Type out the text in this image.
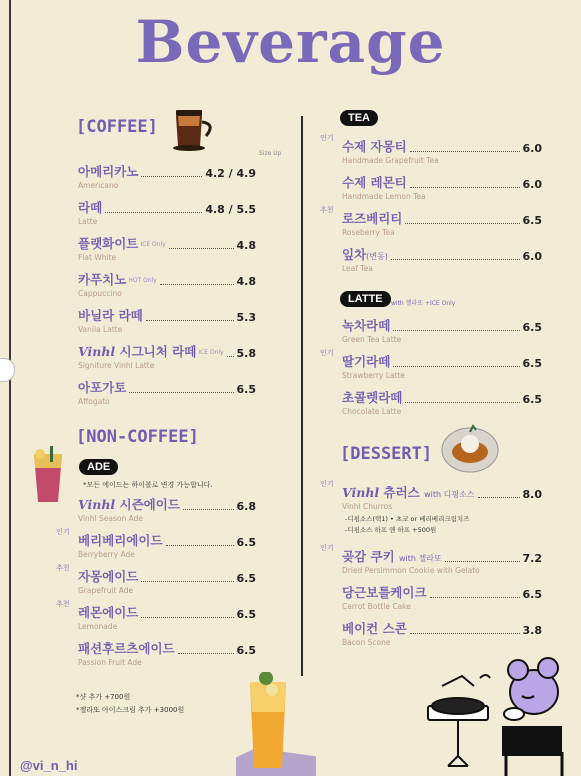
Beverage
[COFFEE]
Size Up
아메리카노	4.2 / 4.9
Americano
라떼	4.8 / 5.5
Latte
플랫화이트 ICE Only	4.8
Flat White
카푸치노 HOT Only	4.8
Cappuccino
바닐라 라떼	5.3
Vanila Latte
Vinhl 시그니처 라떼 ICE Only 5.8
Signiture Vinhl Latte
아포가토	6.5
Affogato
[NON-COFFEE]
ADE
*모든 에이드는 하이볼로 변경 가능합니다.
Vinhl 시즌에이드	6.8
Vinhl Season Ade
인기
베리베리에이드	6.5
Berryberry Ade
추천
자몽에이드	6.5
Grapefruit Ade
추천
레몬에이드	6.5
Lemonade
패션후르츠에이드	6.5
Passion Fruit Ade
*샷 추가 +700원
*젤라또 아이스크림 추가 +3000원
TEA
인기
수제 자몽티	6.0
Handmade Grapefruit Tea
수제 레몬티	6.0
Handmade Lemon Tea
추천
로즈베리티	6.5
Roseberry Tea
잎차(변동)	6.0
Leaf Tea
LATTE	with 젤라또 +ICE Only
녹차라떼	6.5
Green Tea Latte
인기
딸기라떼	6.5
Strawberry Latte
초콜렛라떼	6.5
Chocolate Latte
[DESSERT]
인기
Vinhl 츄러스 with 디핑소스	8.0
Vinhl Churros
인기
곶감 쿠키 with 젤라또	7.2
Dried Persimmon Cookie with Gelato
당근보틀케이크	6.5
Carrot Bottle Cake
베이컨 스콘	3.8
Bacon Scone
-디핑소스(택1) • 초코 or 베리베리크림치즈
-디핑소스 하프 앤 하프 +500원
@vi_n_hi
